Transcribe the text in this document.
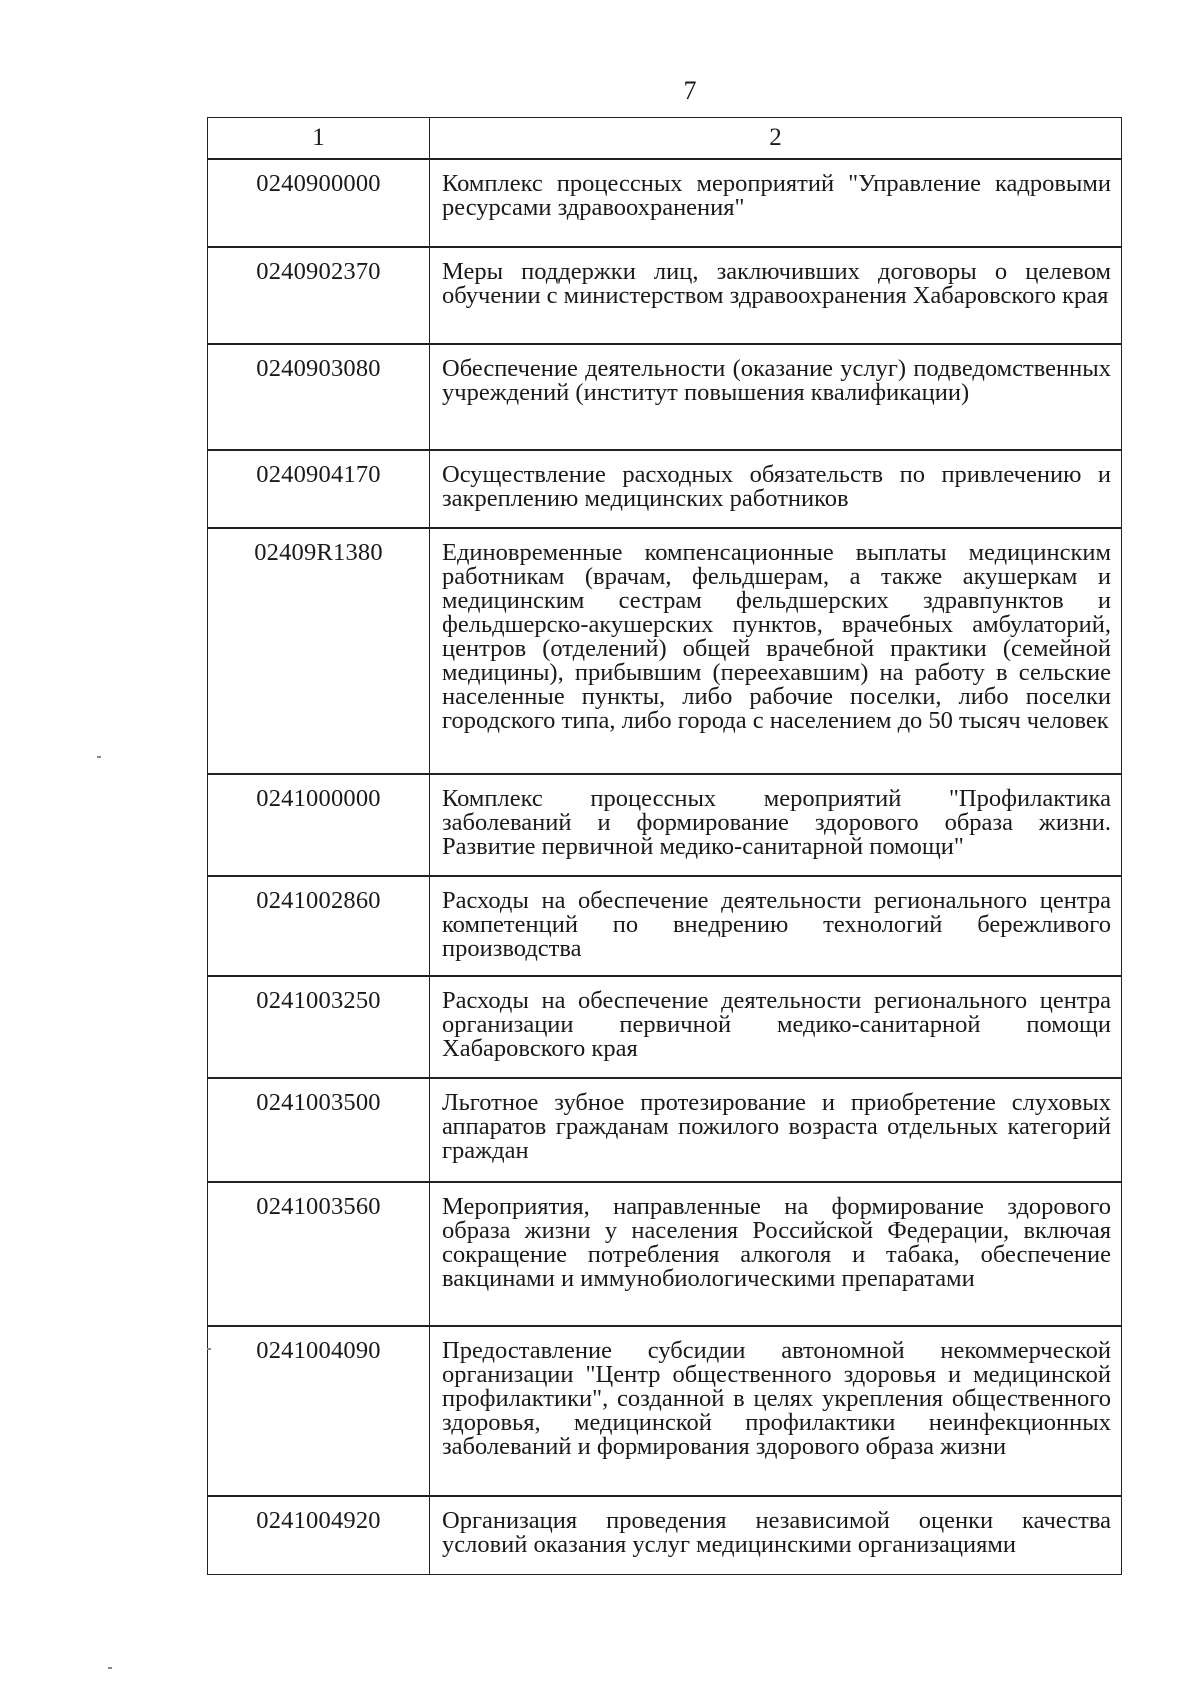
7
1	2
0240900000	Комплекс процессных мероприятий "Управление кадровыми ресурсами здравоохранения"
0240902370	Меры поддержки лиц, заключивших договоры о целевом обучении с министерством здравоохранения Хабаровского края
0240903080	Обеспечение деятельности (оказание услуг) подведомственных учреждений (институт повышения квалификации)
0240904170	Осуществление расходных обязательств по привлечению и закреплению медицинских работников
02409R1380	Единовременные компенсационные выплаты медицинским работникам (врачам, фельдшерам, а также акушеркам и медицинским сестрам фельдшерских здравпунктов и фельдшерско-акушерских пунктов, врачебных амбулаторий, центров (отделений) общей врачебной практики (семейной медицины), прибывшим (переехавшим) на работу в сельские населенные пункты, либо рабочие поселки, либо поселки городского типа, либо города с населением до 50 тысяч человек
0241000000	Комплекс процессных мероприятий "Профилактика заболеваний и формирование здорового образа жизни. Развитие первичной медико-санитарной помощи"
0241002860	Расходы на обеспечение деятельности регионального центра компетенций по внедрению технологий бережливого производства
0241003250	Расходы на обеспечение деятельности регионального центра организации первичной медико-санитарной помощи Хабаровского края
0241003500	Льготное зубное протезирование и приобретение слуховых аппаратов гражданам пожилого возраста отдельных категорий граждан
0241003560	Мероприятия, направленные на формирование здорового образа жизни у населения Российской Федерации, включая сокращение потребления алкоголя и табака, обеспечение вакцинами и иммунобиологическими препаратами
0241004090	Предоставление субсидии автономной некоммерческой организации "Центр общественного здоровья и медицинской профилактики", созданной в целях укрепления общественного здоровья, медицинской профилактики неинфекционных заболеваний и формирования здорового образа жизни
0241004920	Организация проведения независимой оценки качества условий оказания услуг медицинскими организациями
